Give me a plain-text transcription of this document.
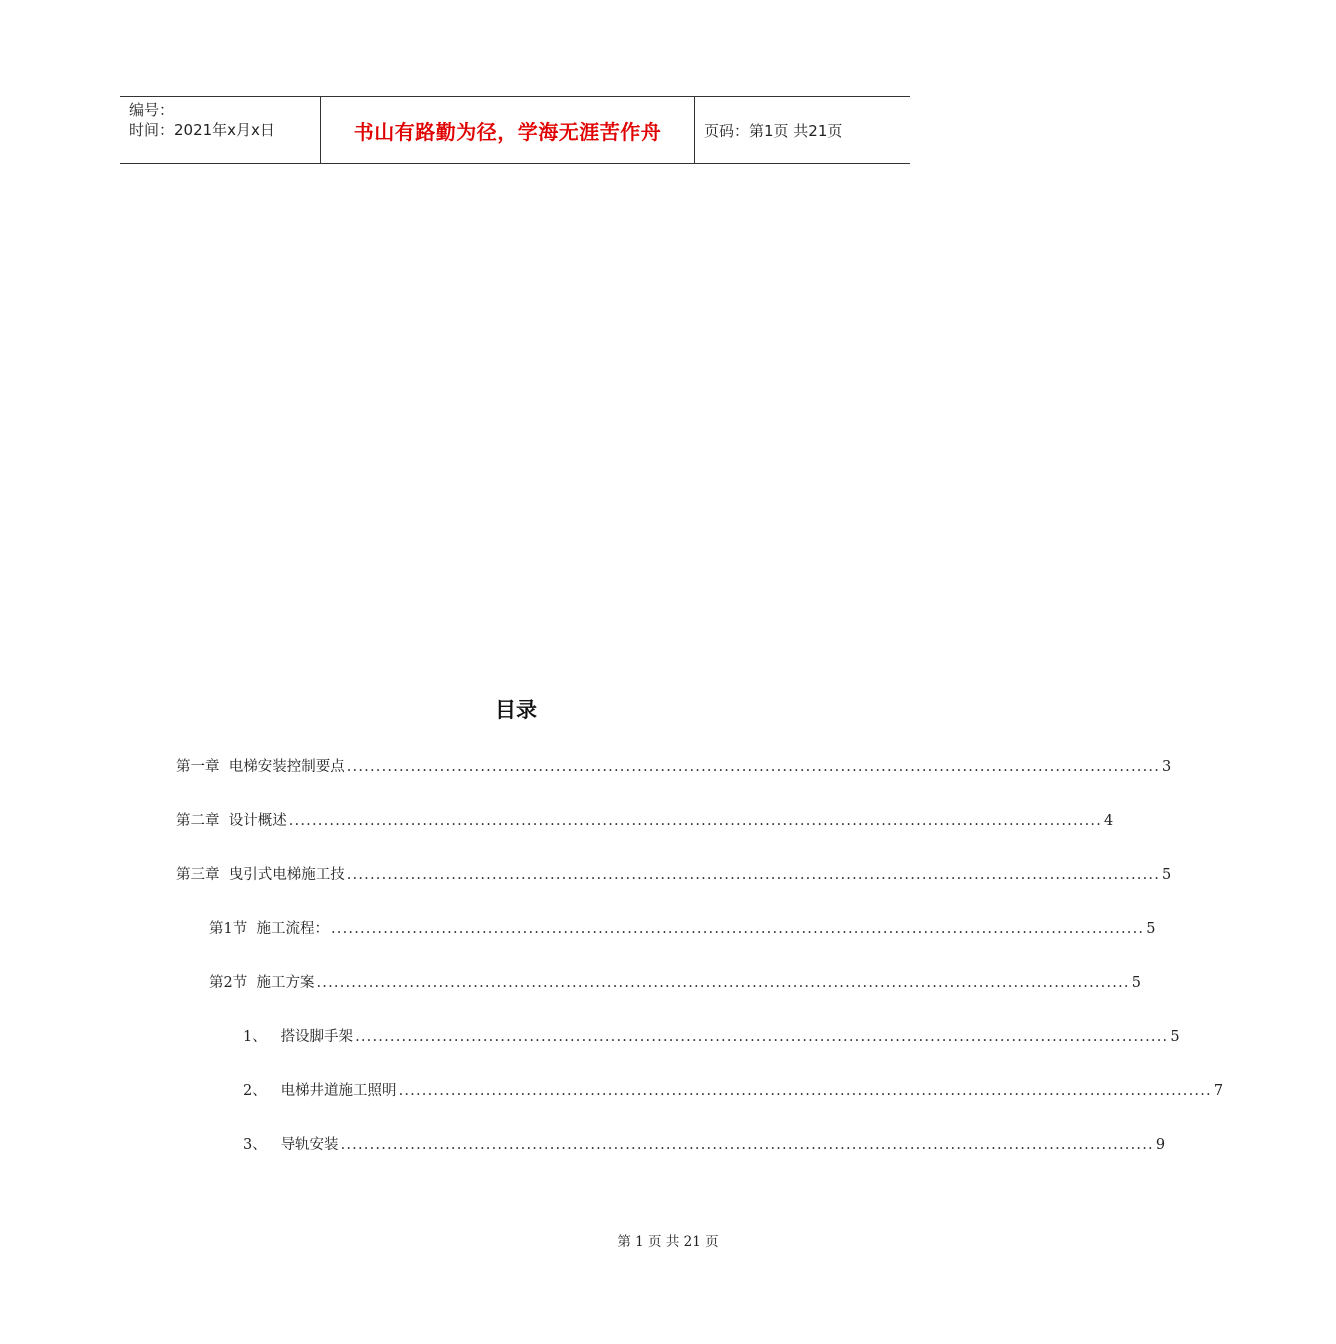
编号：
时间：2021年x月x日	书山有路勤为径，学海无涯苦作舟	页码：第1页 共21页
目录
第一章 电梯安装控制要点 ............................................................................................................................................ 3
第二章 设计概述 ............................................................................................................................................ 4
第三章 曳引式电梯施工技 ............................................................................................................................................ 5
第1节 施工流程： ............................................................................................................................................ 5
第2节 施工方案 ............................................................................................................................................ 5
1、 搭设脚手架 ............................................................................................................................................ 5
2、 电梯井道施工照明 ............................................................................................................................................ 7
3、 导轨安装 ............................................................................................................................................ 9
第 1 页 共 21 页
